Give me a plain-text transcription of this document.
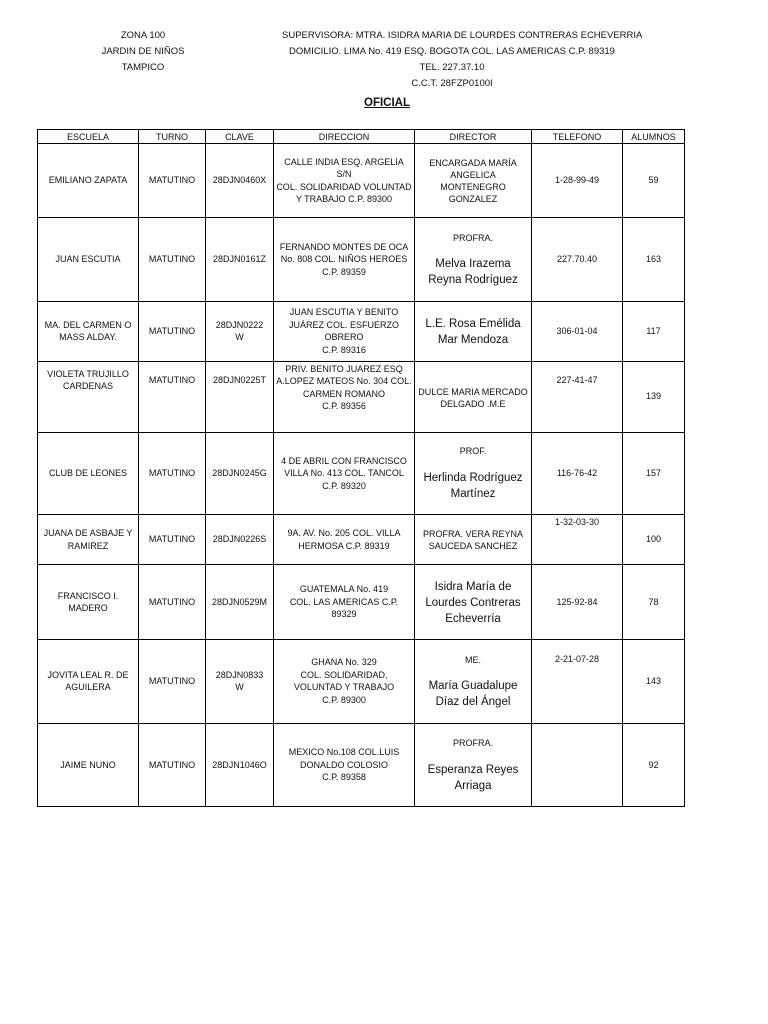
ZONA 100
JARDIN DE NIÑOS
TAMPICO
SUPERVISORA: MTRA. ISIDRA MARIA DE LOURDES CONTRERAS ECHEVERRIA
DOMICILIO. LIMA No. 419 ESQ. BOGOTA COL. LAS AMERICAS C.P. 89319
TEL. 227.37.10
C.C.T. 28FZP0100I
OFICIAL
ESCUELA	TURNO	CLAVE	DIRECCION	DIRECTOR	TELEFONO	ALUMNOS
EMILIANO ZAPATA	MATUTINO	28DJN0460X	CALLE INDIA ESQ. ARGELIA S/N
COL. SOLIDARIDAD VOLUNTAD
Y TRABAJO C.P. 89300	ENCARGADA MARÍA
ANGELICA
MONTENEGRO
GONZALEZ	1-28-99-49	59
JUAN ESCUTIA	MATUTINO	28DJN0161Z	FERNANDO MONTES DE OCA
No. 808 COL. NIÑOS HEROES
C.P. 89359	PROFRA.

Melva Irazema
Reyna Rodríguez	227.70.40	163
MA. DEL CARMEN O
MASS ALDAY.	MATUTINO	28DJN0222
W	JUAN ESCUTIA Y BENITO
JUÁREZ COL. ESFUERZO
OBRERO
C.P. 89316	L.E. Rosa Emélida
Mar Mendoza	306-01-04	117
VIOLETA TRUJILLO
CARDENAS	MATUTINO	28DJN0225T	PRIV. BENITO JUAREZ ESQ
A.LOPEZ MATEOS No. 304 COL.
CARMEN ROMANO
C.P. 89356	DULCE MARIA MERCADO
DELGADO .M.E	227-41-47	139
CLUB DE LEONES	MATUTINO	28DJN0245G	4 DE ABRIL CON FRANCISCO
VILLA No. 413 COL. TANCOL
C.P. 89320	PROF.

Herlinda Rodríguez
Martínez	116-76-42	157
JUANA DE ASBAJE Y
RAMIREZ	MATUTINO	28DJN0226S	9A. AV. No. 205 COL. VILLA
HERMOSA C.P. 89319	PROFRA. VERA REYNA
SAUCEDA SANCHEZ	1-32-03-30	100
FRANCISCO I.
MADERO	MATUTINO	28DJN0529M	GUATEMALA No. 419
COL. LAS AMERICAS C.P.
89329	Isidra María de
Lourdes Contreras
Echeverría	125-92-84	78
JOVITA LEAL R. DE
AGUILERA	MATUTINO	28DJN0833
W	GHANA No. 329
COL. SOLIDARIDAD,
VOLUNTAD Y TRABAJO
C.P. 89300	ME.

María Guadalupe
Díaz del Ángel	2-21-07-28	143
JAIME NUNO	MATUTINO	28DJN1046O	MEXICO No.108 COL.LUIS
DONALDO COLOSIO
C.P. 89358	PROFRA.

Esperanza Reyes
Arriaga		92
